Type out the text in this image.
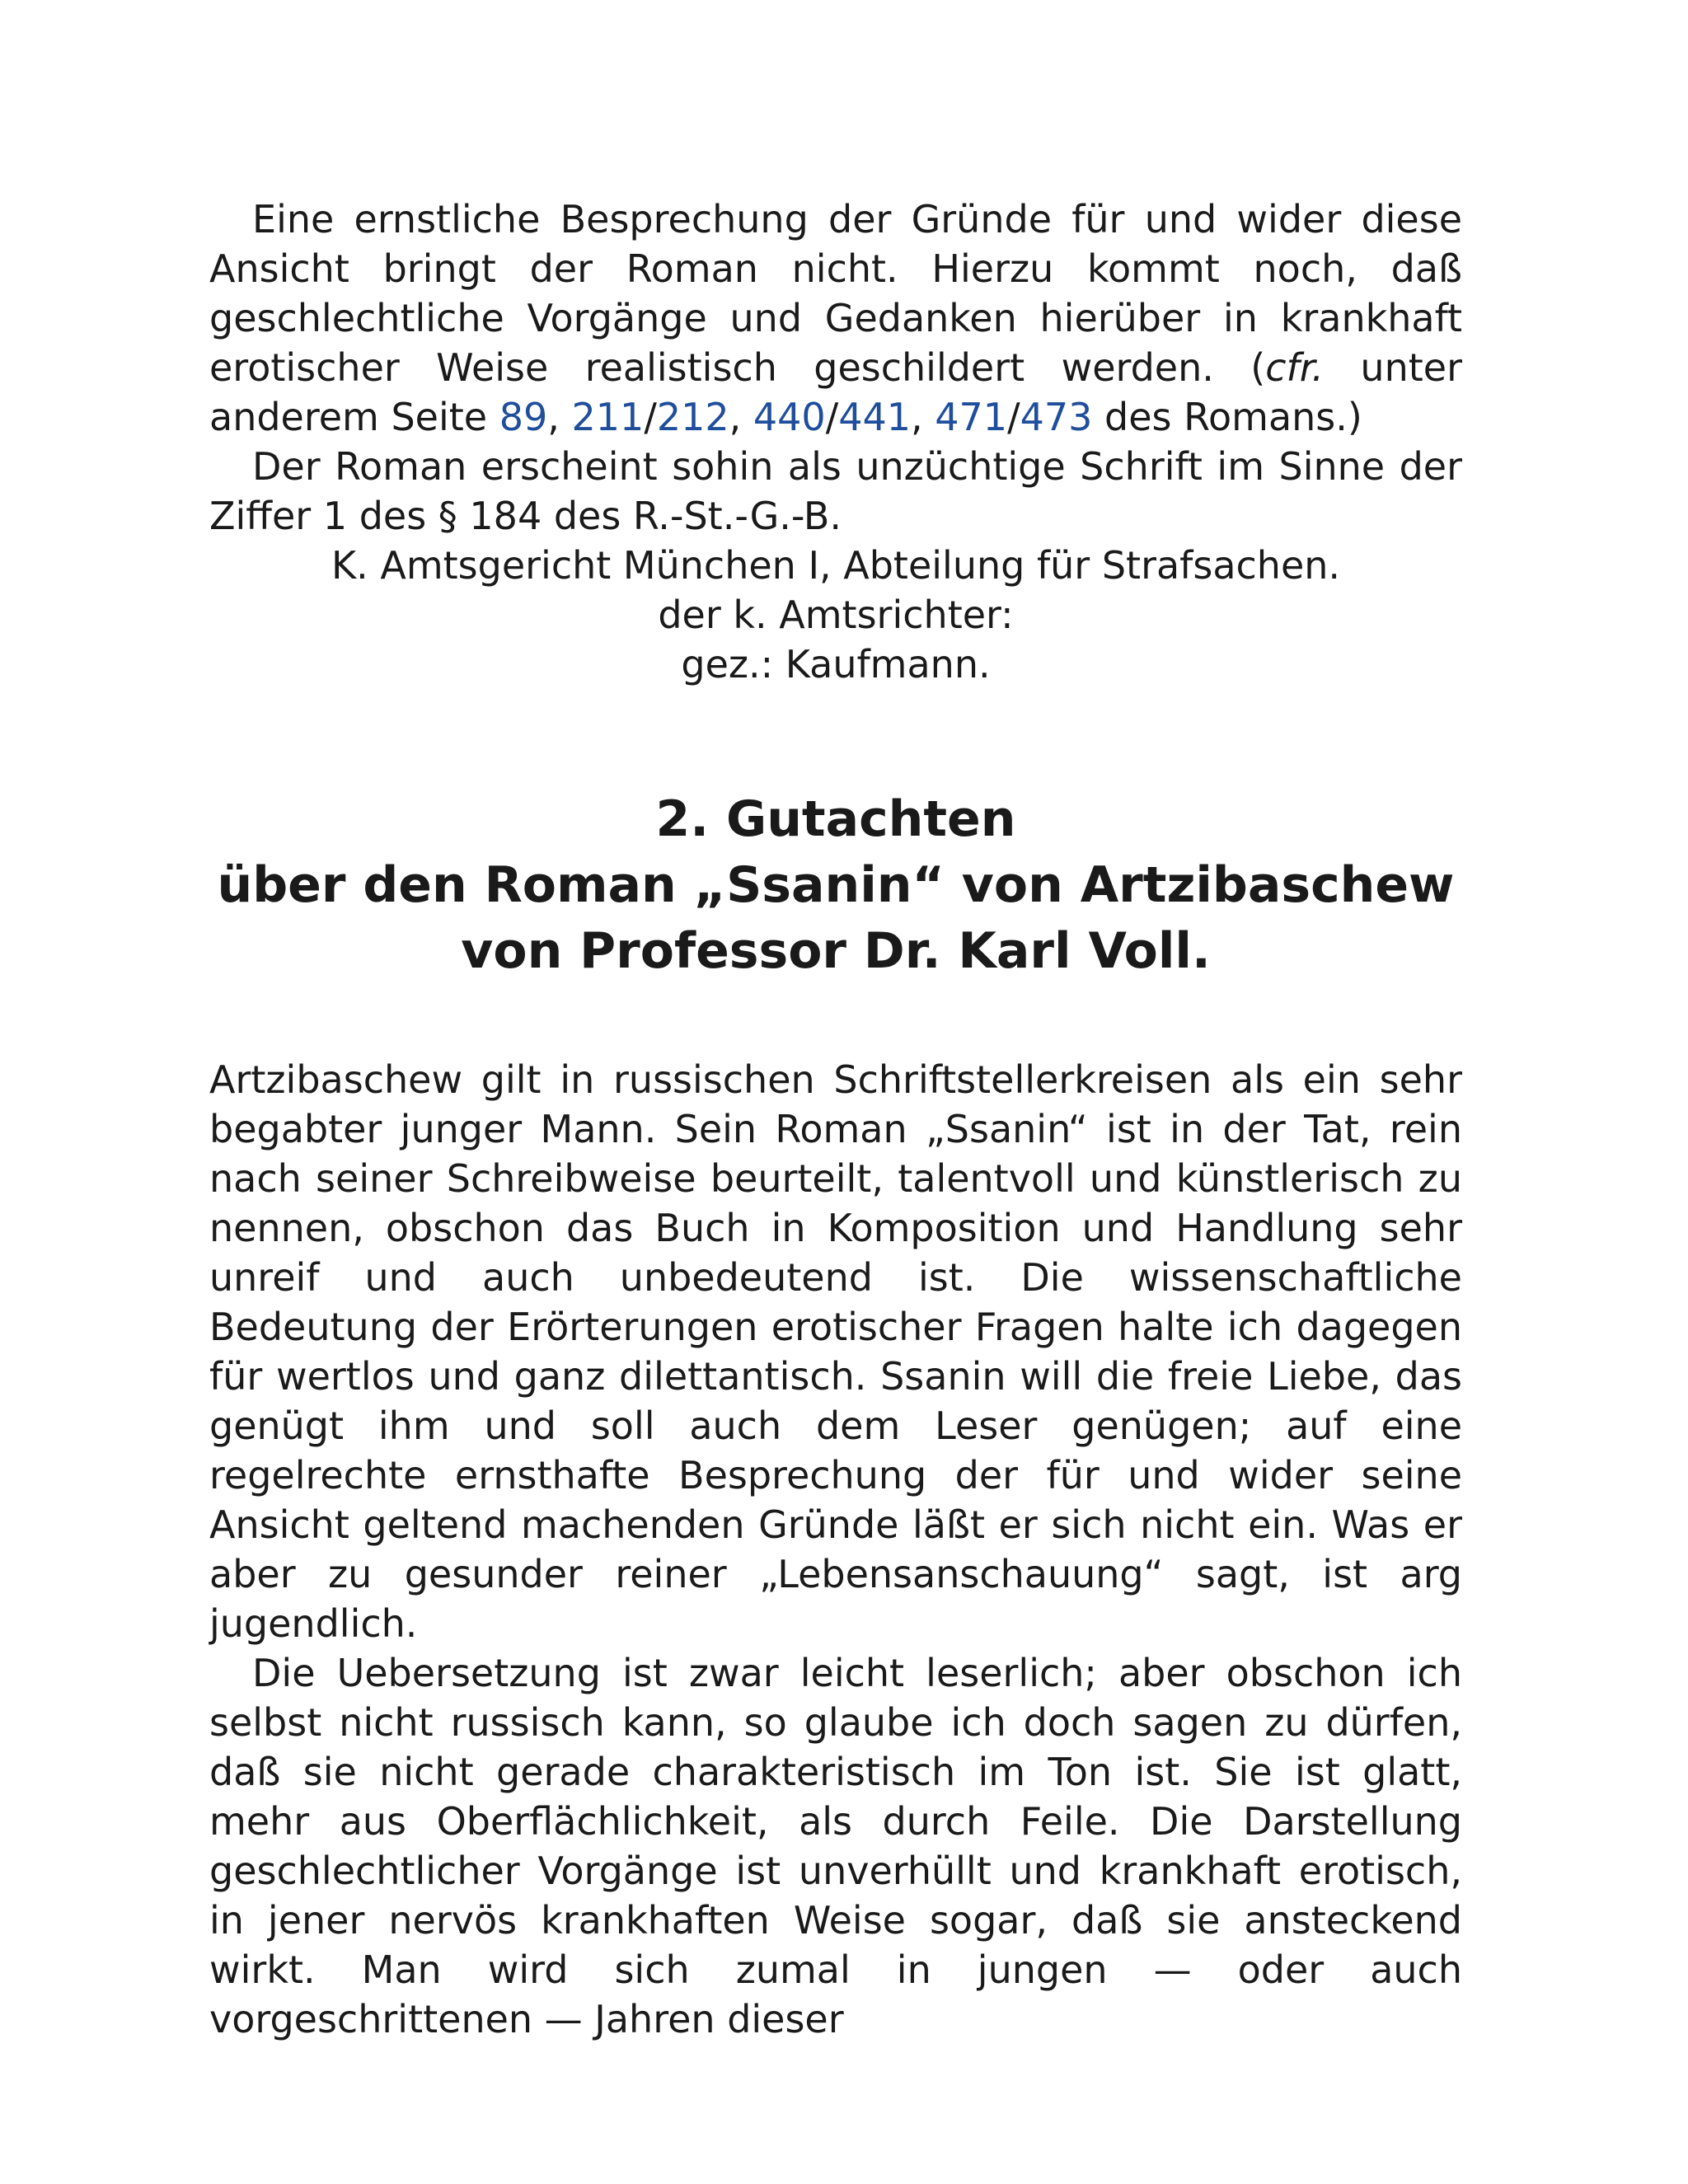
Eine ernstliche Besprechung der Gründe für und wider diese Ansicht bringt der Roman nicht. Hierzu kommt noch, daß geschlechtliche Vorgänge und Gedanken hierüber in krankhaft erotischer Weise realistisch geschildert werden. (cfr. unter anderem Seite 89, 211/212, 440/441, 471/473 des Romans.)

Der Roman erscheint sohin als unzüchtige Schrift im Sinne der Ziffer 1 des § 184 des R.-St.-G.-B.

K. Amtsgericht München I, Abteilung für Strafsachen.

der k. Amtsrichter:

gez.: Kaufmann.

2. Gutachten
über den Roman „Ssanin“ von Artzibaschew
von Professor Dr. Karl Voll.

Artzibaschew gilt in russischen Schriftstellerkreisen als ein sehr begabter junger Mann. Sein Roman „Ssanin“ ist in der Tat, rein nach seiner Schreibweise beurteilt, talentvoll und künstlerisch zu nennen, obschon das Buch in Komposition und Handlung sehr unreif und auch unbedeutend ist. Die wissenschaftliche Bedeutung der Erörterungen erotischer Fragen halte ich dagegen für wertlos und ganz dilettantisch. Ssanin will die freie Liebe, das genügt ihm und soll auch dem Leser genügen; auf eine regelrechte ernsthafte Besprechung der für und wider seine Ansicht geltend machenden Gründe läßt er sich nicht ein. Was er aber zu gesunder reiner „Lebensanschauung“ sagt, ist arg jugendlich.

Die Uebersetzung ist zwar leicht leserlich; aber obschon ich selbst nicht russisch kann, so glaube ich doch sagen zu dürfen, daß sie nicht gerade charakteristisch im Ton ist. Sie ist glatt, mehr aus Oberflächlichkeit, als durch Feile. Die Darstellung geschlechtlicher Vorgänge ist unverhüllt und krankhaft erotisch, in jener nervös krankhaften Weise sogar, daß sie ansteckend wirkt. Man wird sich zumal in jungen — oder auch vorgeschrittenen — Jahren dieser
